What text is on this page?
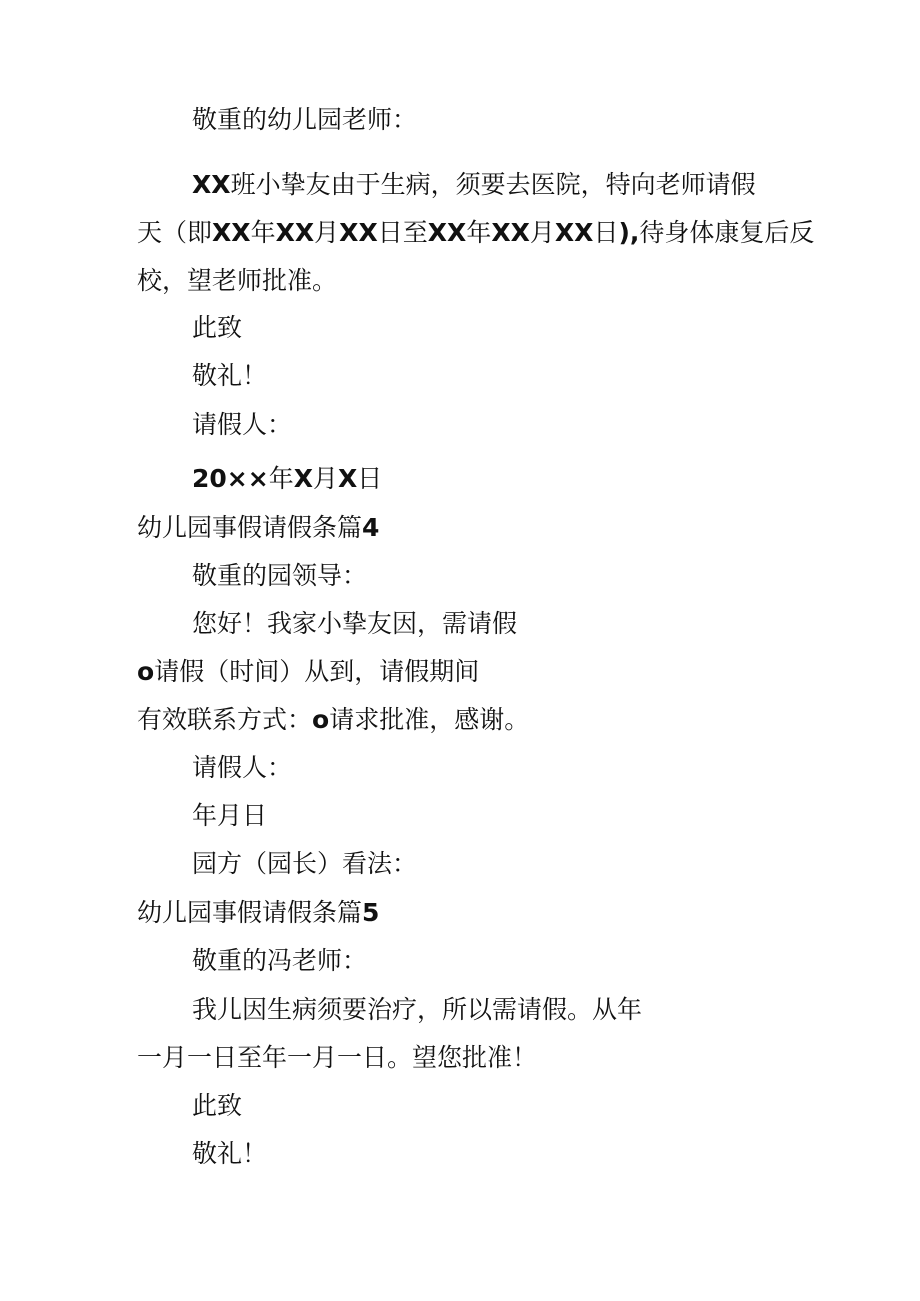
敬重的幼儿园老师：
XX班小挚友由于生病，须要去医院，特向老师请假
天（即XX年XX月XX日至XX年XX月XX日),待身体康复后反
校，望老师批准。
此致
敬礼！
请假人：
20××年X月X日
幼儿园事假请假条篇4
敬重的园领导：
您好！我家小挚友因，需请假
o请假（时间）从到，请假期间
有效联系方式：o请求批准，感谢。
请假人：
年月日
园方（园长）看法：
幼儿园事假请假条篇5
敬重的冯老师：
我儿因生病须要治疗，所以需请假。从年
一月一日至年一月一日。望您批准！
此致
敬礼！
